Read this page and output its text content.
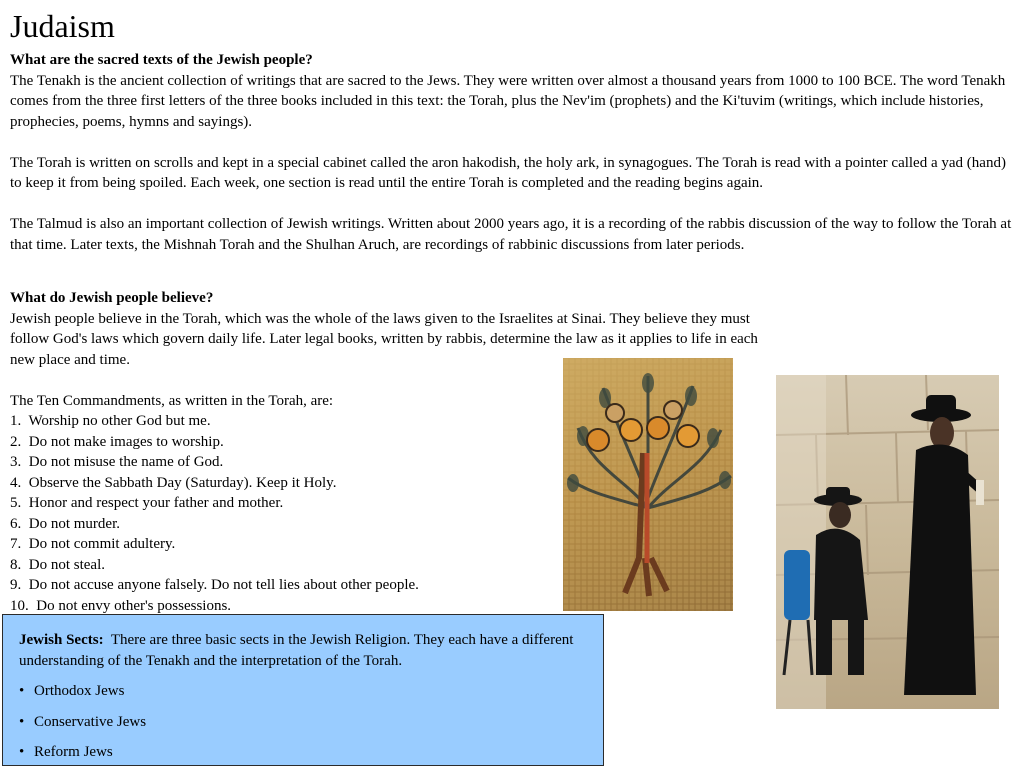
Judaism

What are the sacred texts of the Jewish people?

The Tenakh is the ancient collection of writings that are sacred to the Jews. They were written over almost a thousand years from 1000 to 100 BCE. The word Tenakh comes from the three first letters of the three books included in this text: the Torah, plus the Nev'im (prophets) and the Ki'tuvim (writings, which include histories, prophecies, poems, hymns and sayings).

The Torah is written on scrolls and kept in a special cabinet called the aron hakodish, the holy ark, in synagogues. The Torah is read with a pointer called a yad (hand) to keep it from being spoiled. Each week, one section is read until the entire Torah is completed and the reading begins again.

The Talmud is also an important collection of Jewish writings. Written about 2000 years ago, it is a recording of the rabbis discussion of the way to follow the Torah at that time. Later texts, the Mishnah Torah and the Shulhan Aruch, are recordings of rabbinic discussions from later periods.

What do Jewish people believe?

Jewish people believe in the Torah, which was the whole of the laws given to the Israelites at Sinai. They believe they must follow God's laws which govern daily life. Later legal books, written by rabbis, determine the law as it applies to life in each new place and time.

The Ten Commandments, as written in the Torah, are:

1.  Worship no other God but me.
2.  Do not make images to worship.
3.  Do not misuse the name of God.
4.  Observe the Sabbath Day (Saturday). Keep it Holy.
5.  Honor and respect your father and mother.
6.  Do not murder.
7.  Do not commit adultery.
8.  Do not steal.
9.  Do not accuse anyone falsely. Do not tell lies about other people.
10.  Do not envy other's possessions.

Jewish Sects: There are three basic sects in the Jewish Religion. They each have a different understanding of the Tenakh and the interpretation of the Torah.

• Orthodox Jews
• Conservative Jews
• Reform Jews
